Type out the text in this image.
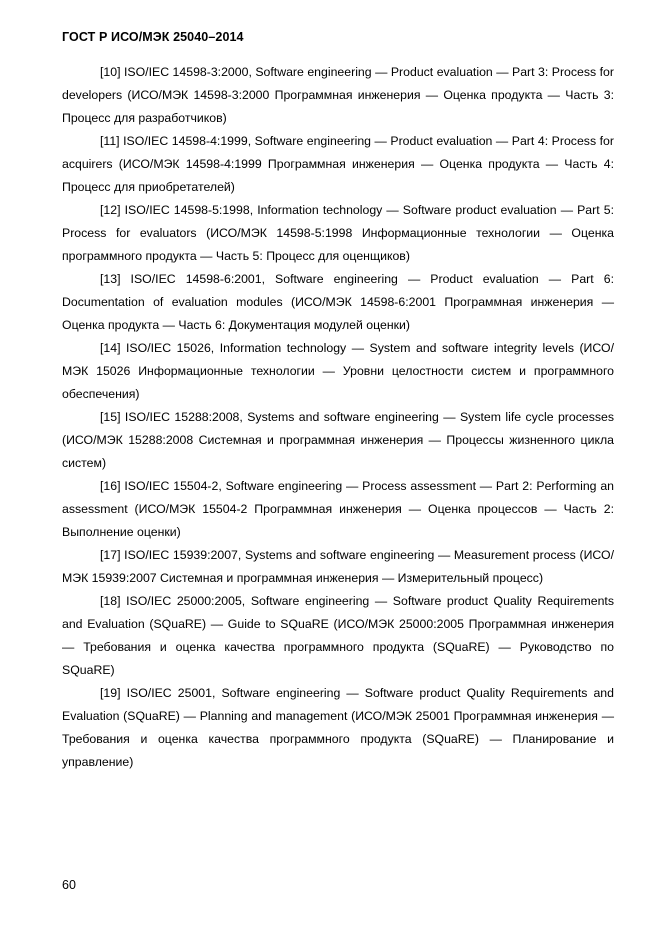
ГОСТ Р ИСО/МЭК 25040–2014

[10] ISO/IEC 14598-3:2000, Software engineering — Product evaluation — Part 3: Process for developers (ИСО/МЭК 14598-3:2000 Программная инженерия — Оценка продукта — Часть 3: Процесс для разработчиков)

[11] ISO/IEC 14598-4:1999, Software engineering — Product evaluation — Part 4: Process for acquirers (ИСО/МЭК 14598-4:1999 Программная инженерия — Оценка продукта — Часть 4: Процесс для приобретателей)

[12] ISO/IEC 14598-5:1998, Information technology — Software product evaluation — Part 5: Process for evaluators (ИСО/МЭК 14598-5:1998 Информационные технологии — Оценка программного продукта — Часть 5: Процесс для оценщиков)

[13] ISO/IEC 14598-6:2001, Software engineering — Product evaluation — Part 6: Documentation of evaluation modules (ИСО/МЭК 14598-6:2001 Программная инженерия — Оценка продукта — Часть 6: Документация модулей оценки)

[14] ISO/IEC 15026, Information technology — System and software integrity levels (ИСО/МЭК 15026 Информационные технологии — Уровни целостности систем и программного обеспечения)

[15] ISO/IEC 15288:2008, Systems and software engineering — System life cycle processes (ИСО/МЭК 15288:2008 Системная и программная инженерия — Процессы жизненного цикла систем)

[16] ISO/IEC 15504-2, Software engineering — Process assessment — Part 2: Performing an assessment (ИСО/МЭК 15504-2 Программная инженерия — Оценка процессов — Часть 2: Выполнение оценки)

[17] ISO/IEC 15939:2007, Systems and software engineering — Measurement process (ИСО/МЭК 15939:2007 Системная и программная инженерия — Измерительный процесс)

[18] ISO/IEC 25000:2005, Software engineering — Software product Quality Requirements and Evaluation (SQuaRE) — Guide to SQuaRE (ИСО/МЭК 25000:2005 Программная инженерия — Требования и оценка качества программного продукта (SQuaRE) — Руководство по SQuaRE)

[19] ISO/IEC 25001, Software engineering — Software product Quality Requirements and Evaluation (SQuaRE) — Planning and management (ИСО/МЭК 25001 Программная инженерия — Требования и оценка качества программного продукта (SQuaRE) — Планирование и управление)

60
